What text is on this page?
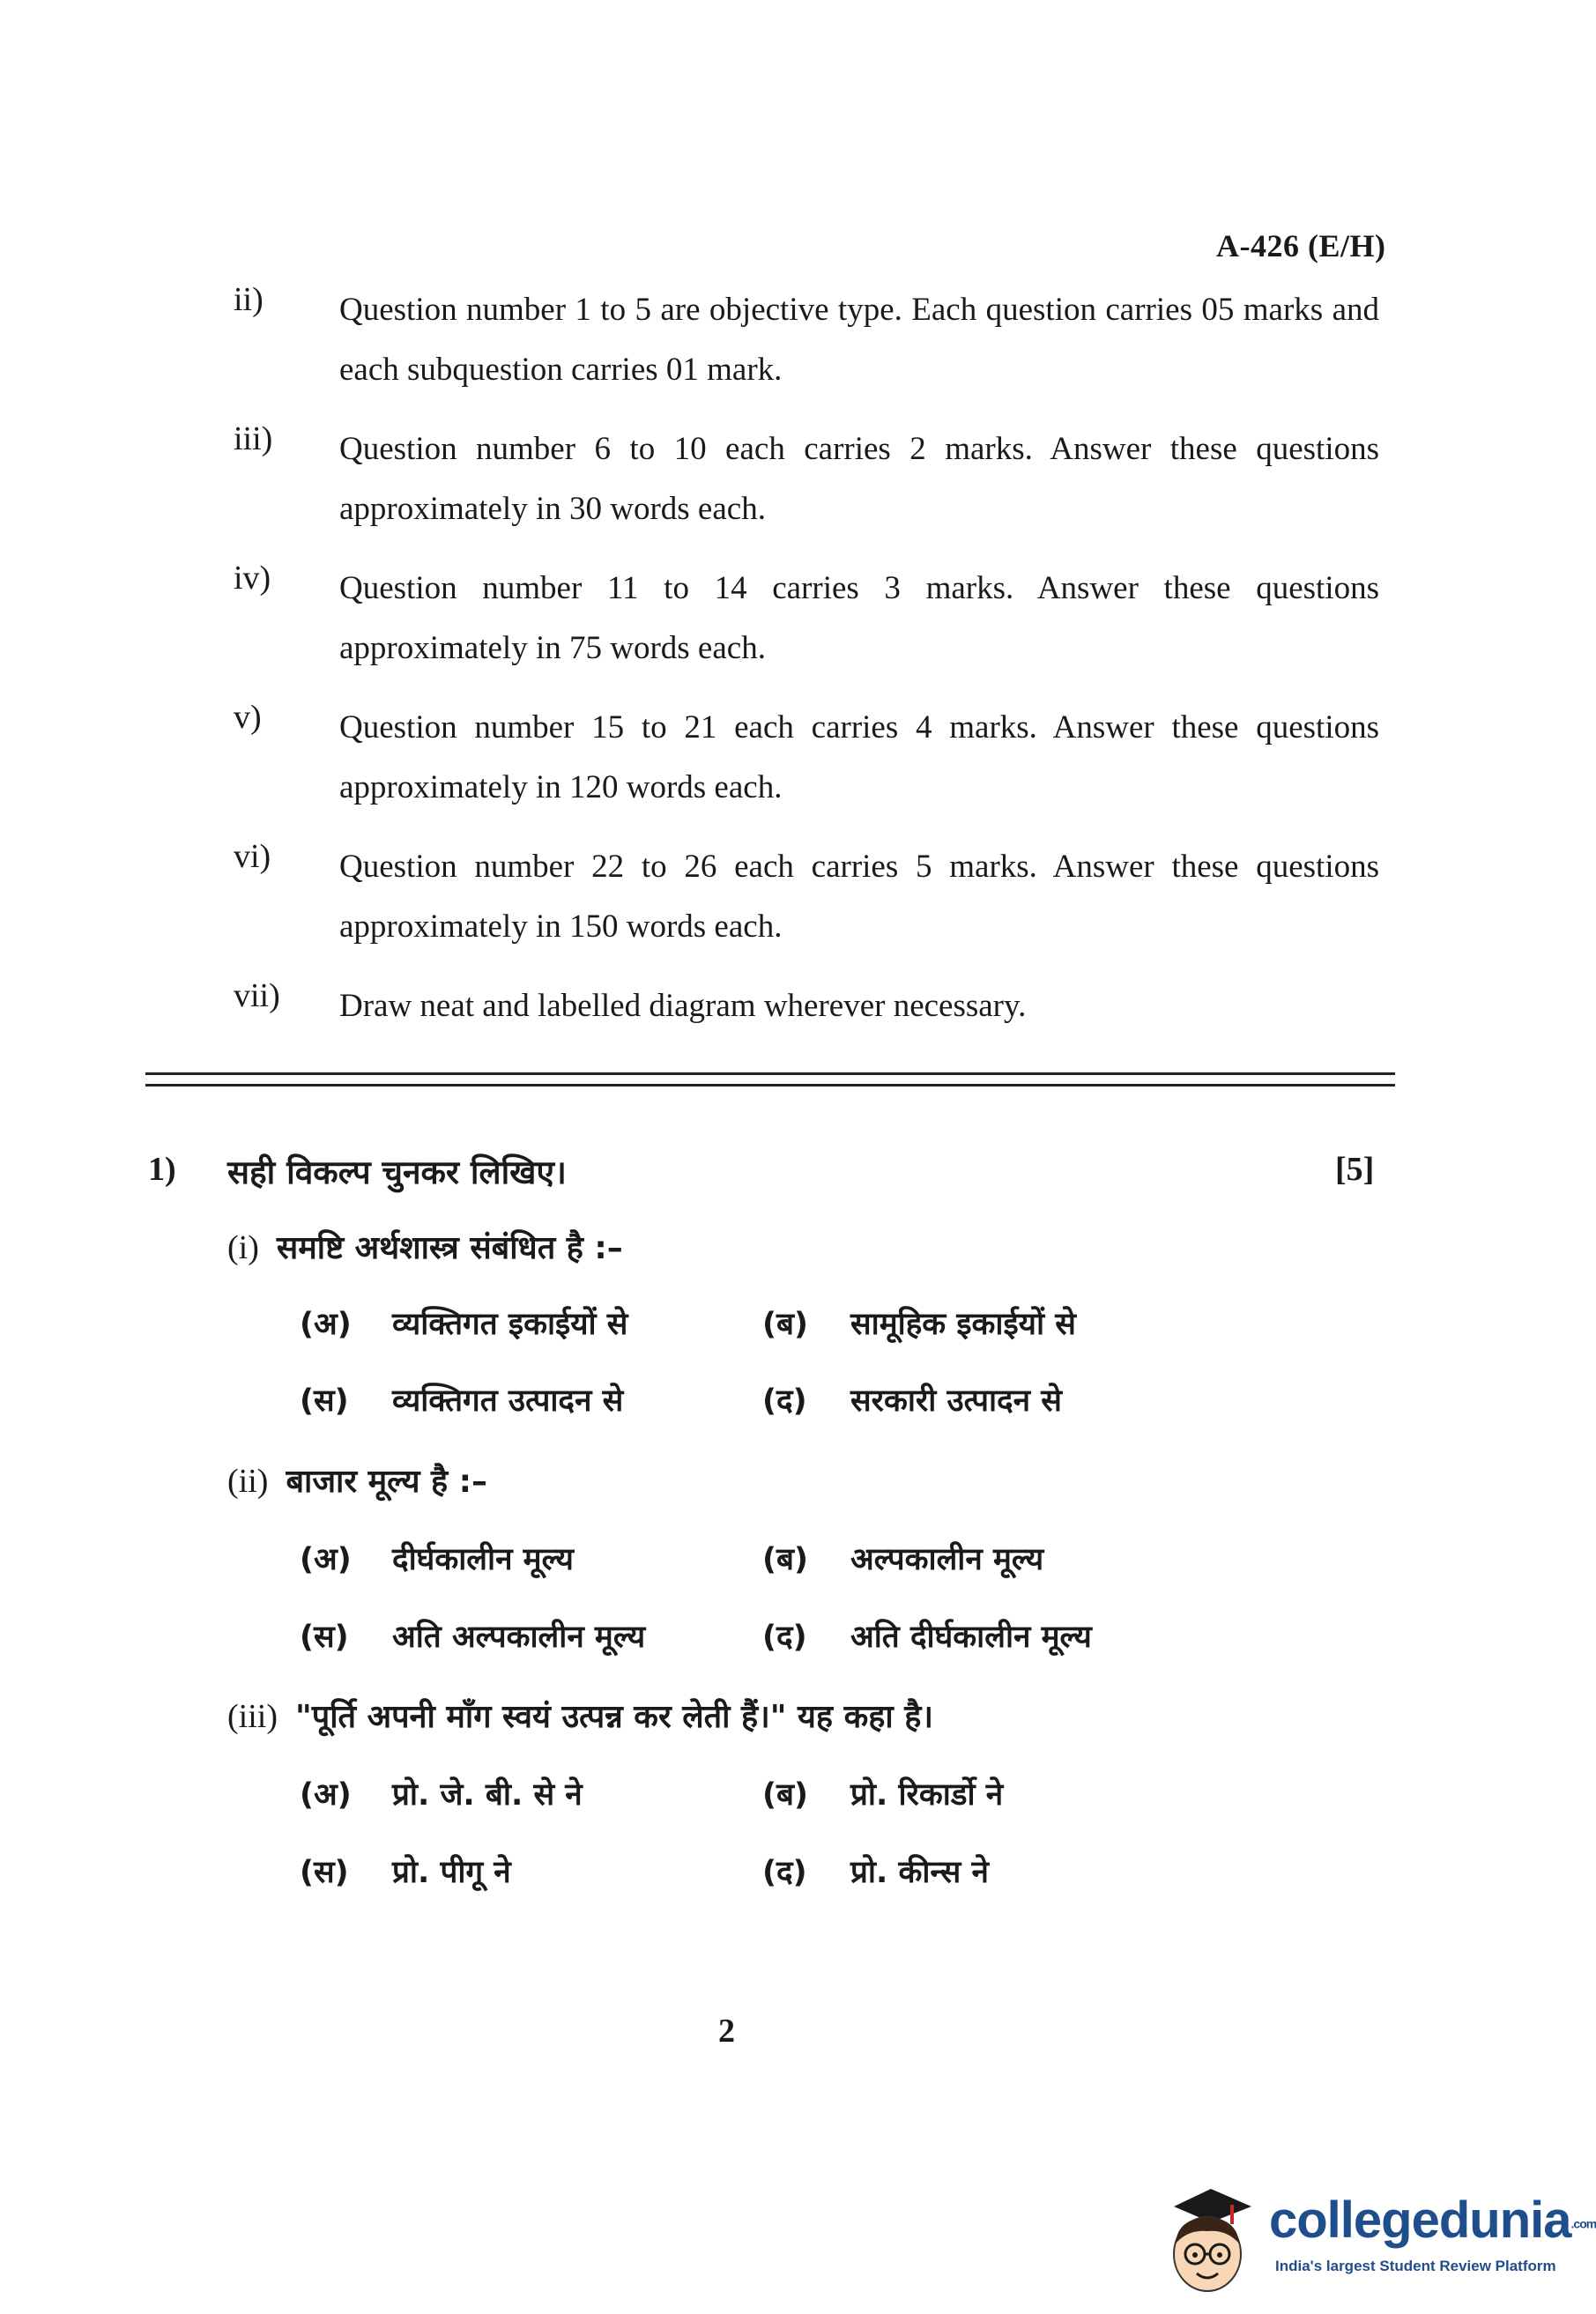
A-426 (E/H)
ii) Question number 1 to 5 are objective type. Each question carries 05 marks and each subquestion carries 01 mark.
iii) Question number 6 to 10 each carries 2 marks. Answer these questions approximately in 30 words each.
iv) Question number 11 to 14 carries 3 marks. Answer these questions approximately in 75 words each.
v) Question number 15 to 21 each carries 4 marks. Answer these questions approximately in 120 words each.
vi) Question number 22 to 26 each carries 5 marks. Answer these questions approximately in 150 words each.
vii) Draw neat and labelled diagram wherever necessary.
1) सही विकल्प चुनकर लिखिए।	[5]
(i) समष्टि अर्थशास्त्र संबंधित है :–
(अ) व्यक्तिगत इकाईयों से	(ब) सामूहिक इकाईयों से
(स) व्यक्तिगत उत्पादन से	(द) सरकारी उत्पादन से
(ii) बाजार मूल्य है :–
(अ) दीर्घकालीन मूल्य	(ब) अल्पकालीन मूल्य
(स) अति अल्पकालीन मूल्य	(द) अति दीर्घकालीन मूल्य
(iii) "पूर्ति अपनी माँग स्वयं उत्पन्न कर लेती हैं।" यह कहा है।
(अ) प्रो. जे. बी. से ने	(ब) प्रो. रिकार्डो ने
(स) प्रो. पीगू ने	(द) प्रो. कीन्स ने
2
collegedunia.com
India's largest Student Review Platform
